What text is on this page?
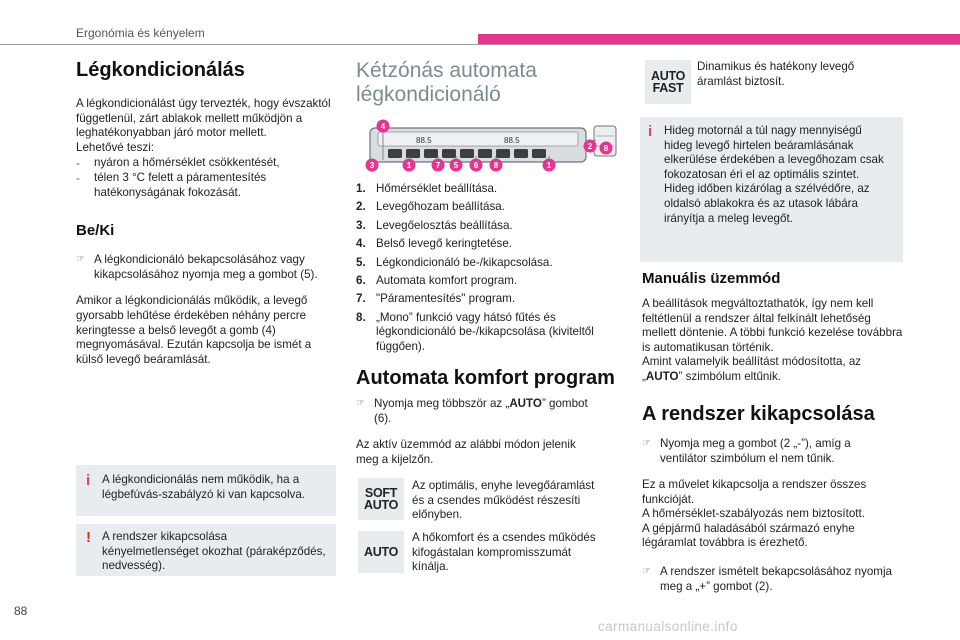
Ergonómia és kényelem
Légkondicionálás

A légkondicionálást úgy tervezték, hogy évszaktól függetlenül, zárt ablakok mellett működjön a leghatékonyabban járó motor mellett.

Lehetővé teszi:

-	nyáron a hőmérséklet csökkentését,
-	télen 3 °C felett a páramentesítés hatékonyságának fokozását.
Be/Ki
☞ A légkondicionáló bekapcsolásához vagy kikapcsolásához nyomja meg a gombot (5).

Amikor a légkondicionálás működik, a levegő gyorsabb lehűtése érdekében néhány percre keringtesse a belső levegőt a gomb (4) megnyomásával. Ezután kapcsolja be ismét a külső levegő beáramlását.

i	A légkondicionálás nem működik, ha a légbefúvás-szabályzó ki van kapcsolva.
! A rendszer kikapcsolása kényelmetlenséget okozhat (páraképződés, nedvesség).
Kétzónás automata légkondicionáló
88.5	88.5
4
3	1	7 5 6 8	1
2 8
1. Hőmérséklet beállítása.
2. Levegőhozam beállítása.
3. Levegőelosztás beállítása.
4. Belső levegő keringtetése.
5. Légkondicionáló be-/kikapcsolása.
6. Automata komfort program.
7. "Páramentesítés" program.
8. „Mono” funkció vagy hátsó fűtés és légkondicionáló be-/kikapcsolása (kiviteltől függően).
Automata komfort program
☞ Nyomja meg többször az „AUTO” gombot (6).

Az aktív üzemmód az alábbi módon jelenik meg a kijelzőn.

SOFT
AUTO

Az optimális, enyhe levegőáramlást és a csendes működést részesíti előnyben.

AUTO

A hőkomfort és a csendes működés kifogástalan kompromisszumát kínálja.

AUTO
FAST

Dinamikus és hatékony levegő áramlást biztosít.

i	Hideg motornál a túl nagy mennyiségű hideg levegő hirtelen beáramlásának elkerülése érdekében a levegőhozam csak fokozatosan éri el az optimális szintet.
Hideg időben kizárólag a szélvédőre, az oldalsó ablakokra és az utasok lábára irányítja a meleg levegőt.
Manuális üzemmód

A beállítások megváltoztathatók, így nem kell feltétlenül a rendszer által felkínált lehetőség mellett döntenie. A többi funkció kezelése továbbra is automatikusan történik.
Amint valamelyik beállítást módosította, az „AUTO” szimbólum eltűnik.

A rendszer kikapcsolása
☞ Nyomja meg a gombot (2 „-”), amíg a ventilátor szimbólum el nem tűnik.

Ez a művelet kikapcsolja a rendszer összes funkcióját.
A hőmérséklet-szabályozás nem biztosított.
A gépjármű haladásából származó enyhe légáramlat továbbra is érezhető.

☞ A rendszer ismételt bekapcsolásához nyomja meg a „+” gombot (2).
88
carmanualsonline.info
